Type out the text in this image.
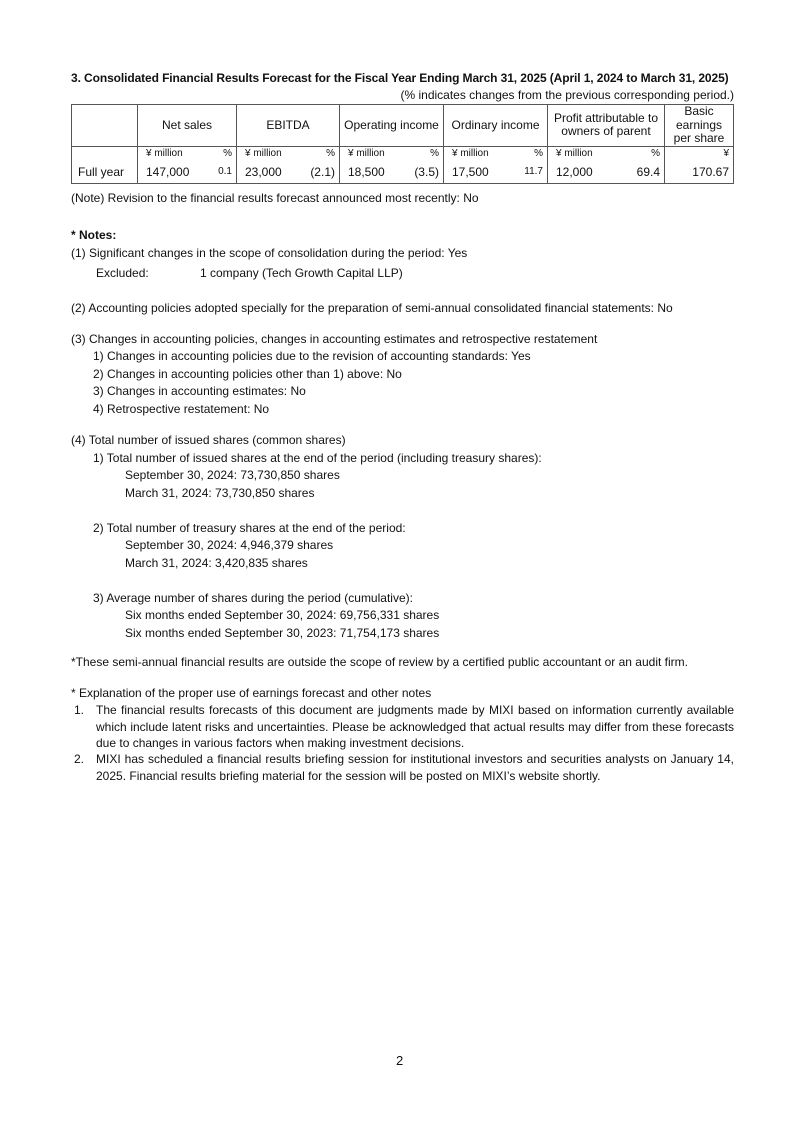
3. Consolidated Financial Results Forecast for the Fiscal Year Ending March 31, 2025 (April 1, 2024 to March 31, 2025)
(% indicates changes from the previous corresponding period.)
	Net sales		EBITDA		Operating income		Ordinary income		Profit attributable to owners of parent		Basic earnings per share
	¥ million	%	¥ million	%	¥ million	%	¥ million	%	¥ million	%	¥
Full year	147,000	0.1	23,000	(2.1)	18,500	(3.5)	17,500	11.7	12,000	69.4	170.67
(Note) Revision to the financial results forecast announced most recently: No
* Notes:
(1) Significant changes in the scope of consolidation during the period: Yes
Excluded:	1 company (Tech Growth Capital LLP)
(2) Accounting policies adopted specially for the preparation of semi-annual consolidated financial statements: No
(3) Changes in accounting policies, changes in accounting estimates and retrospective restatement
1) Changes in accounting policies due to the revision of accounting standards: Yes
2) Changes in accounting policies other than 1) above: No
3) Changes in accounting estimates: No
4) Retrospective restatement: No
(4) Total number of issued shares (common shares)
1) Total number of issued shares at the end of the period (including treasury shares):
September 30, 2024: 73,730,850 shares
March 31, 2024: 73,730,850 shares
2) Total number of treasury shares at the end of the period:
September 30, 2024: 4,946,379 shares
March 31, 2024: 3,420,835 shares
3) Average number of shares during the period (cumulative):
Six months ended September 30, 2024: 69,756,331 shares
Six months ended September 30, 2023: 71,754,173 shares
*These semi-annual financial results are outside the scope of review by a certified public accountant or an audit firm.
* Explanation of the proper use of earnings forecast and other notes
1. The financial results forecasts of this document are judgments made by MIXI based on information currently available which include latent risks and uncertainties. Please be acknowledged that actual results may differ from these forecasts due to changes in various factors when making investment decisions.
2. MIXI has scheduled a financial results briefing session for institutional investors and securities analysts on January 14, 2025. Financial results briefing material for the session will be posted on MIXI’s website shortly.
2
